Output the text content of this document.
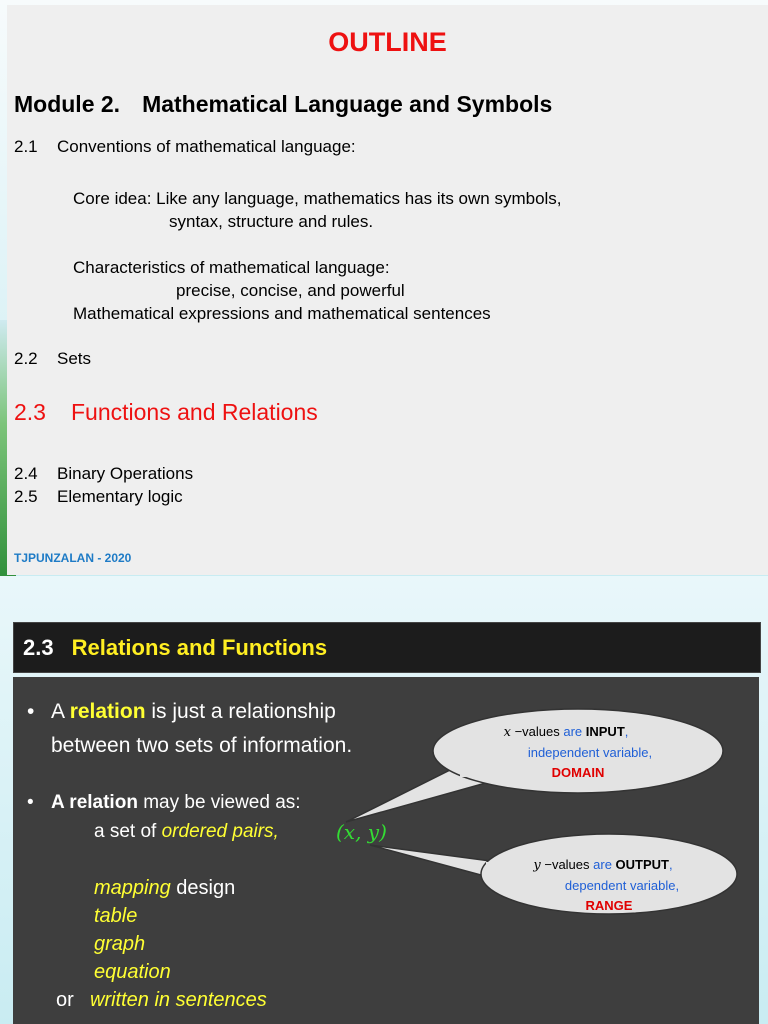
OUTLINE
Module 2. Mathematical Language and Symbols
2.1 Conventions of mathematical language:
Core idea: Like any language, mathematics has its own symbols,
syntax, structure and rules.
Characteristics of mathematical language:
precise, concise, and powerful
Mathematical expressions and mathematical sentences
2.2 Sets
2.3 Functions and Relations
2.4 Binary Operations
2.5 Elementary logic
TJPUNZALAN - 2020
2.3 Relations and Functions
• A relation is just a relationship
between two sets of information.
• A relation may be viewed as:
a set of ordered pairs,	(x, y)
mapping design
table
graph
equation
or written in sentences
x −values are INPUT,
independent variable,
DOMAIN
y −values are OUTPUT,
dependent variable,
RANGE
